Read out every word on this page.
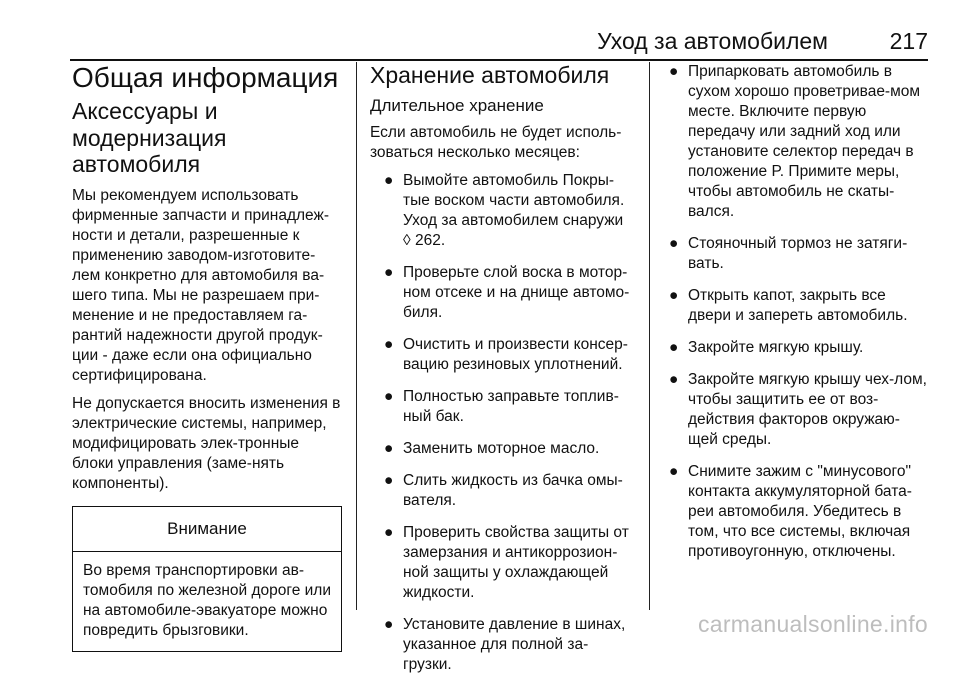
Уход за автомобилем	217
Общая информация
Аксессуары и модернизация автомобиля

Мы рекомендуем использовать фирменные запчасти и принадлеж‐ности и детали, разрешенные к применению заводом-изготовите‐лем конкретно для автомобиля ва‐шего типа. Мы не разрешаем при‐менение и не предоставляем га‐рантий надежности другой продук‐ции - даже если она официально сертифицирована.

Не допускается вносить изменения в электрические системы, например, модифицировать элек‐тронные блоки управления (заме‐нять компоненты).

Внимание
Во время транспортировки ав‐томобиля по железной дороге или на автомобиле-эвакуаторе можно повредить брызговики.
Хранение автомобиля
Длительное хранение

Если автомобиль не будет исполь‐зоваться несколько месяцев:

● Вымойте автомобиль Покры‐тые воском части автомобиля. Уход за автомобилем снаружи ◊ 262.
● Проверьте слой воска в мотор‐ном отсеке и на днище автомо‐биля.
● Очистить и произвести консер‐вацию резиновых уплотнений.
● Полностью заправьте топлив‐ный бак.
● Заменить моторное масло.
● Слить жидкость из бачка омы‐вателя.
● Проверить свойства защиты от замерзания и антикоррозион‐ной защиты у охлаждающей жидкости.
● Установите давление в шинах, указанное для полной за‐грузки.
● Припарковать автомобиль в сухом хорошо проветривае‐мом месте. Включите первую передачу или задний ход или установите селектор передач в положение P. Примите меры, чтобы автомобиль не скаты‐вался.
● Стояночный тормоз не затяги‐вать.
● Открыть капот, закрыть все двери и запереть автомобиль.
● Закройте мягкую крышу.
● Закройте мягкую крышу чех‐лом, чтобы защитить ее от воз‐действия факторов окружаю‐щей среды.
● Снимите зажим с "минусового" контакта аккумуляторной бата‐реи автомобиля. Убедитесь в том, что все системы, включая противоугонную, отключены.
carmanualsonline.info
